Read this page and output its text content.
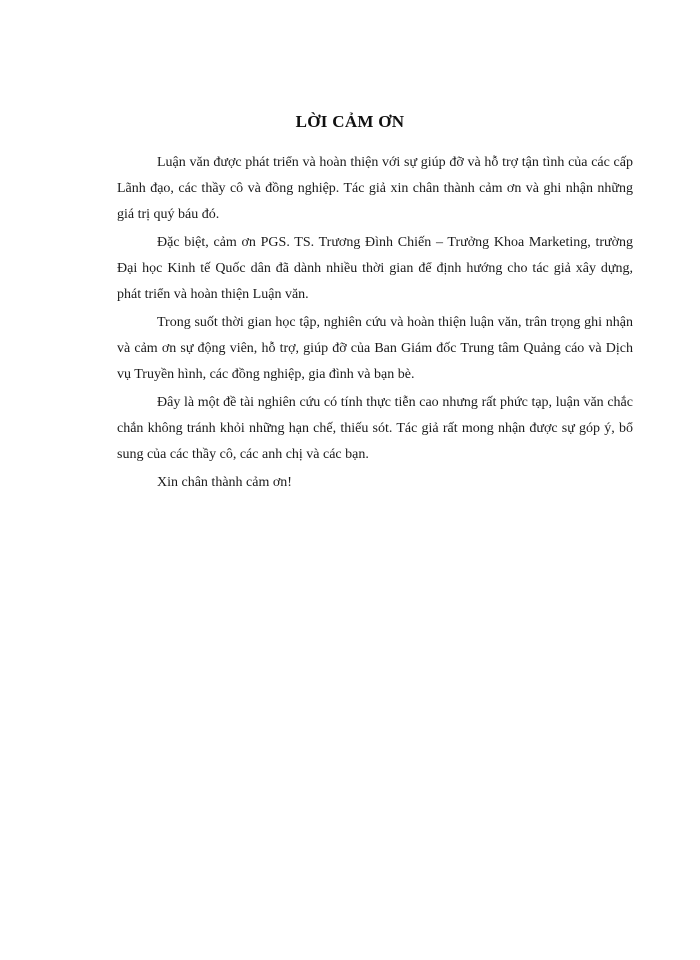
LỜI CẢM ƠN

Luận văn được phát triển và hoàn thiện với sự giúp đỡ và hỗ trợ tận tình của các cấp Lãnh đạo, các thầy cô và đồng nghiệp. Tác giả xin chân thành cảm ơn và ghi nhận những giá trị quý báu đó.

Đặc biệt, cảm ơn PGS. TS. Trương Đình Chiến – Trưởng Khoa Marketing, trường Đại học Kinh tế Quốc dân đã dành nhiều thời gian để định hướng cho tác giả xây dựng, phát triển và hoàn thiện Luận văn.

Trong suốt thời gian học tập, nghiên cứu và hoàn thiện luận văn, trân trọng ghi nhận và cảm ơn sự động viên, hỗ trợ, giúp đỡ của Ban Giám đốc Trung tâm Quảng cáo và Dịch vụ Truyền hình, các đồng nghiệp, gia đình và bạn bè.

Đây là một đề tài nghiên cứu có tính thực tiễn cao nhưng rất phức tạp, luận văn chắc chắn không tránh khỏi những hạn chế, thiếu sót. Tác giả rất mong nhận được sự góp ý, bổ sung của các thầy cô, các anh chị và các bạn.

Xin chân thành cảm ơn!
